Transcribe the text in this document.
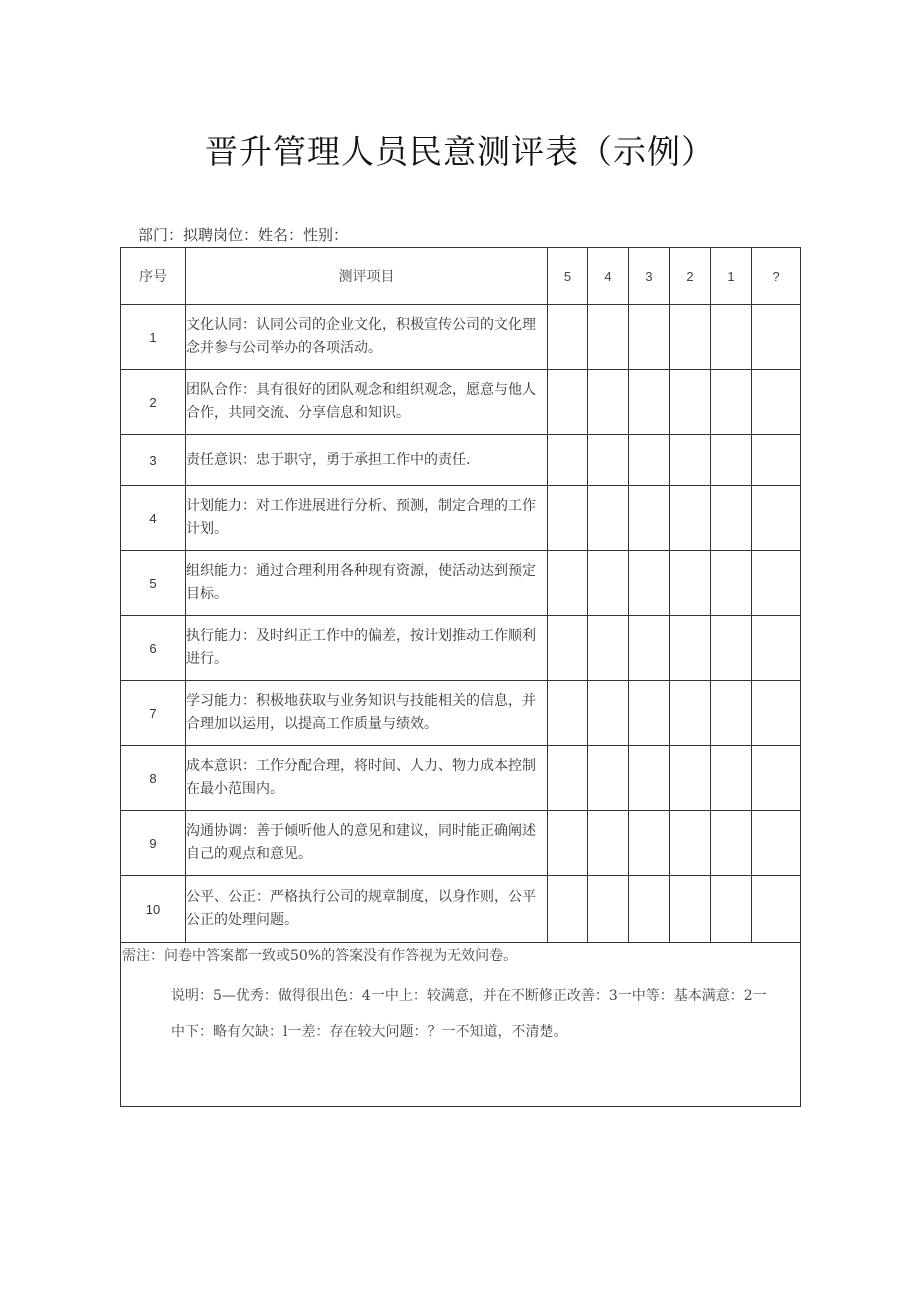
晋升管理人员民意测评表（示例）
部门：拟聘岗位：姓名：性别：
序号	测评项目	5	4	3	2	1	?
1	文化认同：认同公司的企业文化，积极宣传公司的文化理念并参与公司举办的各项活动。						
2	团队合作：具有很好的团队观念和组织观念，愿意与他人合作，共同交流、分享信息和知识。						
3	责任意识：忠于职守，勇于承担工作中的责任.						
4	计划能力：对工作进展进行分析、预测，制定合理的工作计划。						
5	组织能力：通过合理利用各种现有资源，使活动达到预定目标。						
6	执行能力：及时纠正工作中的偏差，按计划推动工作顺利进行。						
7	学习能力：积极地获取与业务知识与技能相关的信息，并合理加以运用，以提高工作质量与绩效。						
8	成本意识：工作分配合理，将时间、人力、物力成本控制在最小范围内。						
9	沟通协调：善于倾听他人的意见和建议，同时能正确阐述自己的观点和意见。						
10	公平、公正：严格执行公司的规章制度，以身作则，公平公正的处理问题。						

需注：问卷中答案都一致或50%的答案没有作答视为无效问卷。
说明：5—优秀：做得很出色：4一中上：较满意，并在不断修正改善：3一中等：基本满意：2一中下：略有欠缺：l一差：存在较大问题：？一不知道，不清楚。							
